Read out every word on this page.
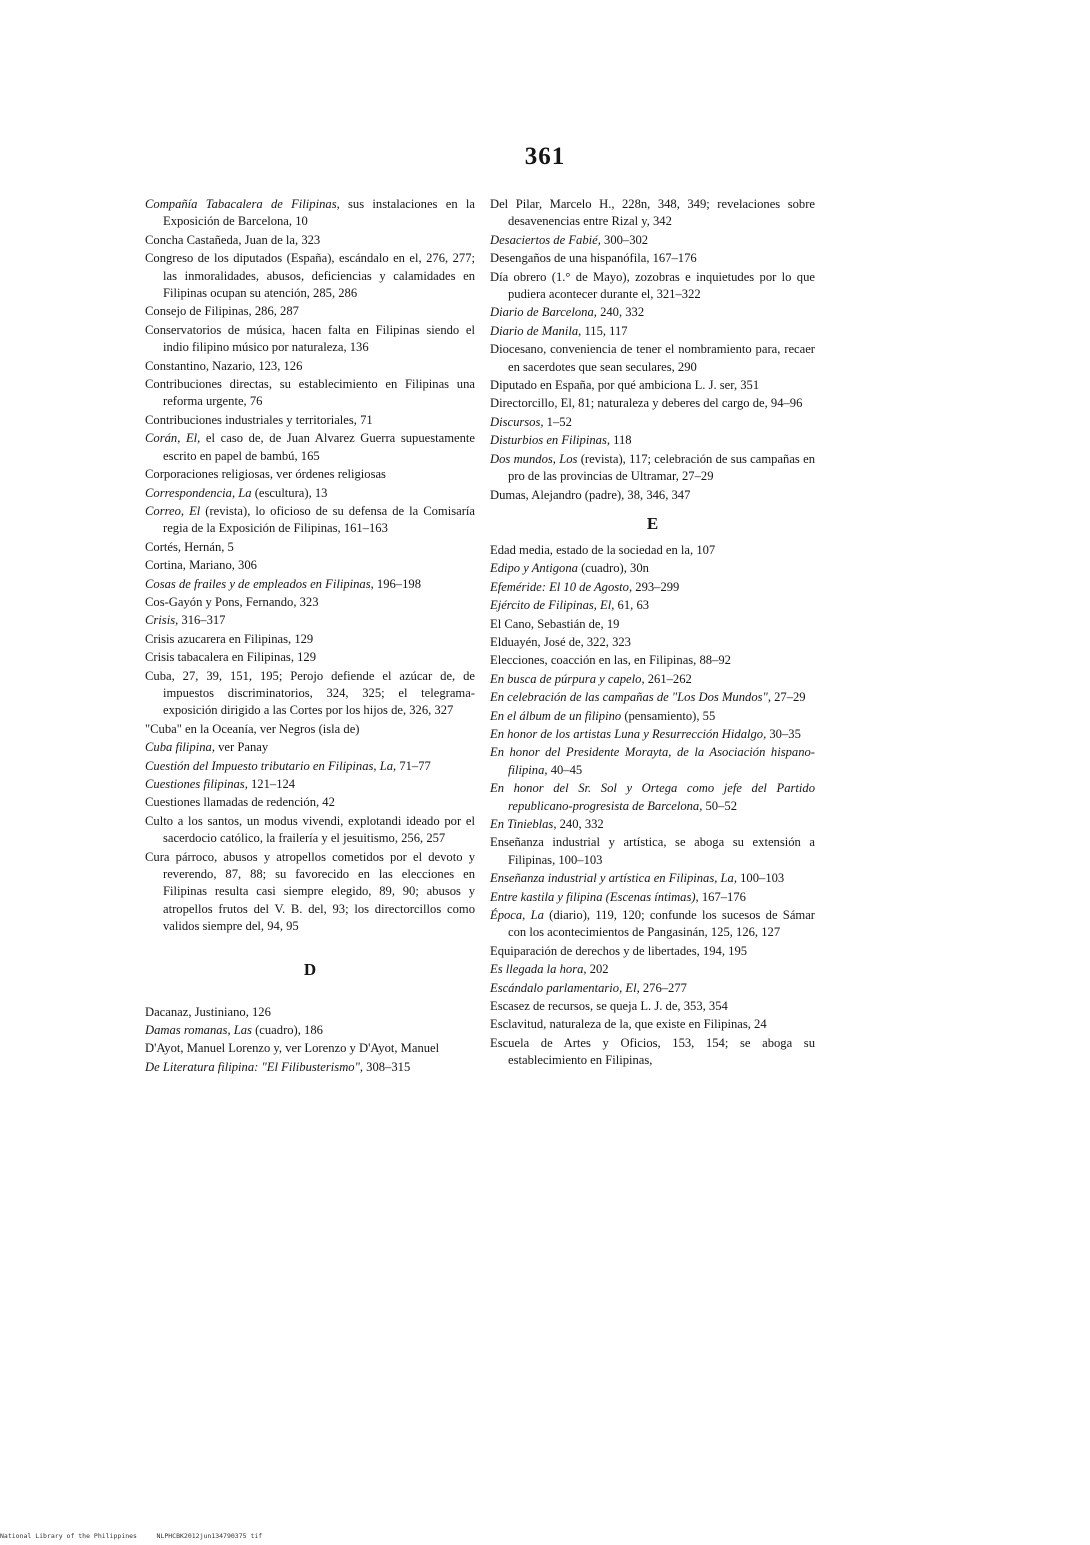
361
Compañía Tabacalera de Filipinas, sus instalaciones en la Exposición de Barcelona, 10
Concha Castañeda, Juan de la, 323
Congreso de los diputados (España), escándalo en el, 276, 277; las inmoralidades, abusos, deficiencias y calamidades en Filipinas ocupan su atención, 285, 286
Consejo de Filipinas, 286, 287
Conservatorios de música, hacen falta en Filipinas siendo el indio filipino músico por naturaleza, 136
Constantino, Nazario, 123, 126
Contribuciones directas, su establecimiento en Filipinas una reforma urgente, 76
Contribuciones industriales y territoriales, 71
Corán, El, el caso de, de Juan Alvarez Guerra supuestamente escrito en papel de bambú, 165
Corporaciones religiosas, ver órdenes religiosas
Correspondencia, La (escultura), 13
Correo, El (revista), lo oficioso de su defensa de la Comisaría regia de la Exposición de Filipinas, 161–163
Cortés, Hernán, 5
Cortina, Mariano, 306
Cosas de frailes y de empleados en Filipinas, 196–198
Cos-Gayón y Pons, Fernando, 323
Crisis, 316–317
Crisis azucarera en Filipinas, 129
Crisis tabacalera en Filipinas, 129
Cuba, 27, 39, 151, 195; Perojo defiende el azúcar de, de impuestos discriminatorios, 324, 325; el telegrama-exposición dirigido a las Cortes por los hijos de, 326, 327
"Cuba" en la Oceanía, ver Negros (isla de)
Cuba filipina, ver Panay
Cuestión del Impuesto tributario en Filipinas, La, 71–77
Cuestiones filipinas, 121–124
Cuestiones llamadas de redención, 42
Culto a los santos, un modus vivendi, explotandi ideado por el sacerdocio católico, la frailería y el jesuitismo, 256, 257
Cura párroco, abusos y atropellos cometidos por el devoto y reverendo, 87, 88; su favorecido en las elecciones en Filipinas resulta casi siempre elegido, 89, 90; abusos y atropellos frutos del V. B. del, 93; los directorcillos como validos siempre del, 94, 95
D
Dacanaz, Justiniano, 126
Damas romanas, Las (cuadro), 186
D'Ayot, Manuel Lorenzo y, ver Lorenzo y D'Ayot, Manuel
De Literatura filipina: "El Filibusterismo", 308–315
Del Pilar, Marcelo H., 228n, 348, 349; revelaciones sobre desavenencias entre Rizal y, 342
Desaciertos de Fabié, 300–302
Desengaños de una hispanófila, 167–176
Día obrero (1.° de Mayo), zozobras e inquietudes por lo que pudiera acontecer durante el, 321–322
Diario de Barcelona, 240, 332
Diario de Manila, 115, 117
Diocesano, conveniencia de tener el nombramiento para, recaer en sacerdotes que sean seculares, 290
Diputado en España, por qué ambiciona L. J. ser, 351
Directorcillo, El, 81; naturaleza y deberes del cargo de, 94–96
Discursos, 1–52
Disturbios en Filipinas, 118
Dos mundos, Los (revista), 117; celebración de sus campañas en pro de las provincias de Ultramar, 27–29
Dumas, Alejandro (padre), 38, 346, 347
E
Edad media, estado de la sociedad en la, 107
Edipo y Antigona (cuadro), 30n
Efeméride: El 10 de Agosto, 293–299
Ejército de Filipinas, El, 61, 63
El Cano, Sebastián de, 19
Elduayén, José de, 322, 323
Elecciones, coacción en las, en Filipinas, 88–92
En busca de púrpura y capelo, 261–262
En celebración de las campañas de "Los Dos Mundos", 27–29
En el álbum de un filipino (pensamiento), 55
En honor de los artistas Luna y Resurrección Hidalgo, 30–35
En honor del Presidente Morayta, de la Asociación hispano-filipina, 40–45
En honor del Sr. Sol y Ortega como jefe del Partido republicano-progresista de Barcelona, 50–52
En Tinieblas, 240, 332
Enseñanza industrial y artística, se aboga su extensión a Filipinas, 100–103
Enseñanza industrial y artística en Filipinas, La, 100–103
Entre kastila y filipina (Escenas íntimas), 167–176
Época, La (diario), 119, 120; confunde los sucesos de Sámar con los acontecimientos de Pangasinán, 125, 126, 127
Equiparación de derechos y de libertades, 194, 195
Es llegada la hora, 202
Escándalo parlamentario, El, 276–277
Escasez de recursos, se queja L. J. de, 353, 354
Esclavitud, naturaleza de la, que existe en Filipinas, 24
Escuela de Artes y Oficios, 153, 154; se aboga su establecimiento en Filipinas,
National Library of the Philippines     NLPHCBK2012jun134790375 tif
